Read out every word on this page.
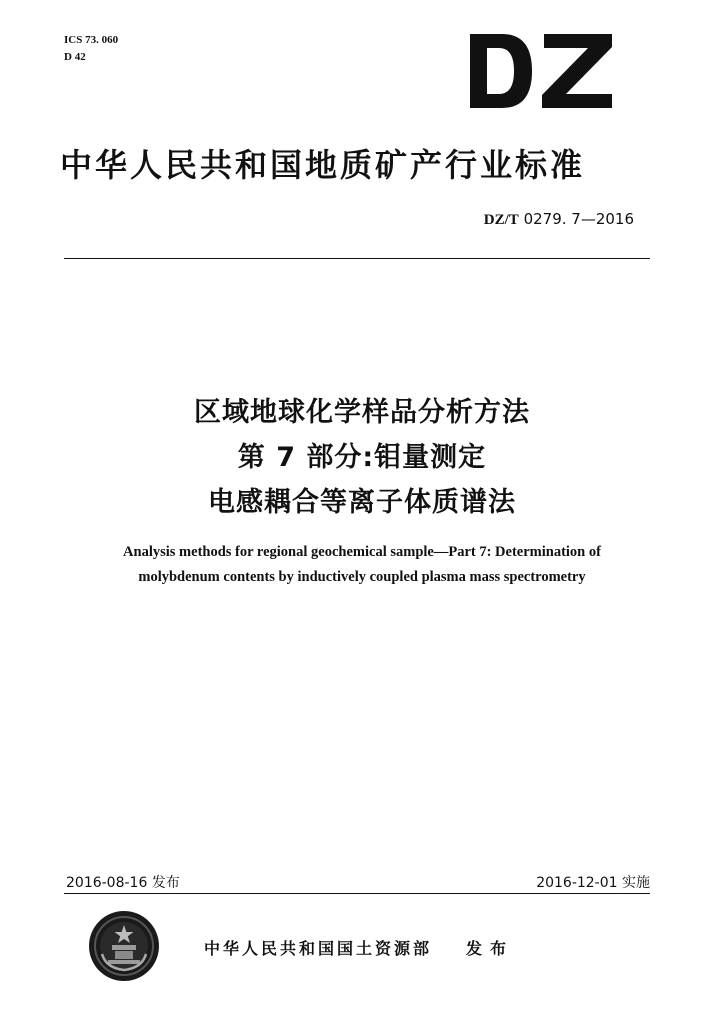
ICS 73. 060
D 42
中华人民共和国地质矿产行业标准
DZ/T 0279. 7—2016
区域地球化学样品分析方法
第 7 部分:钼量测定
电感耦合等离子体质谱法
Analysis methods for regional geochemical sample—Part 7: Determination of
molybdenum contents by inductively coupled plasma mass spectrometry
2016-08-16 发布	2016-12-01 实施
中华人民共和国国土资源部 发布
